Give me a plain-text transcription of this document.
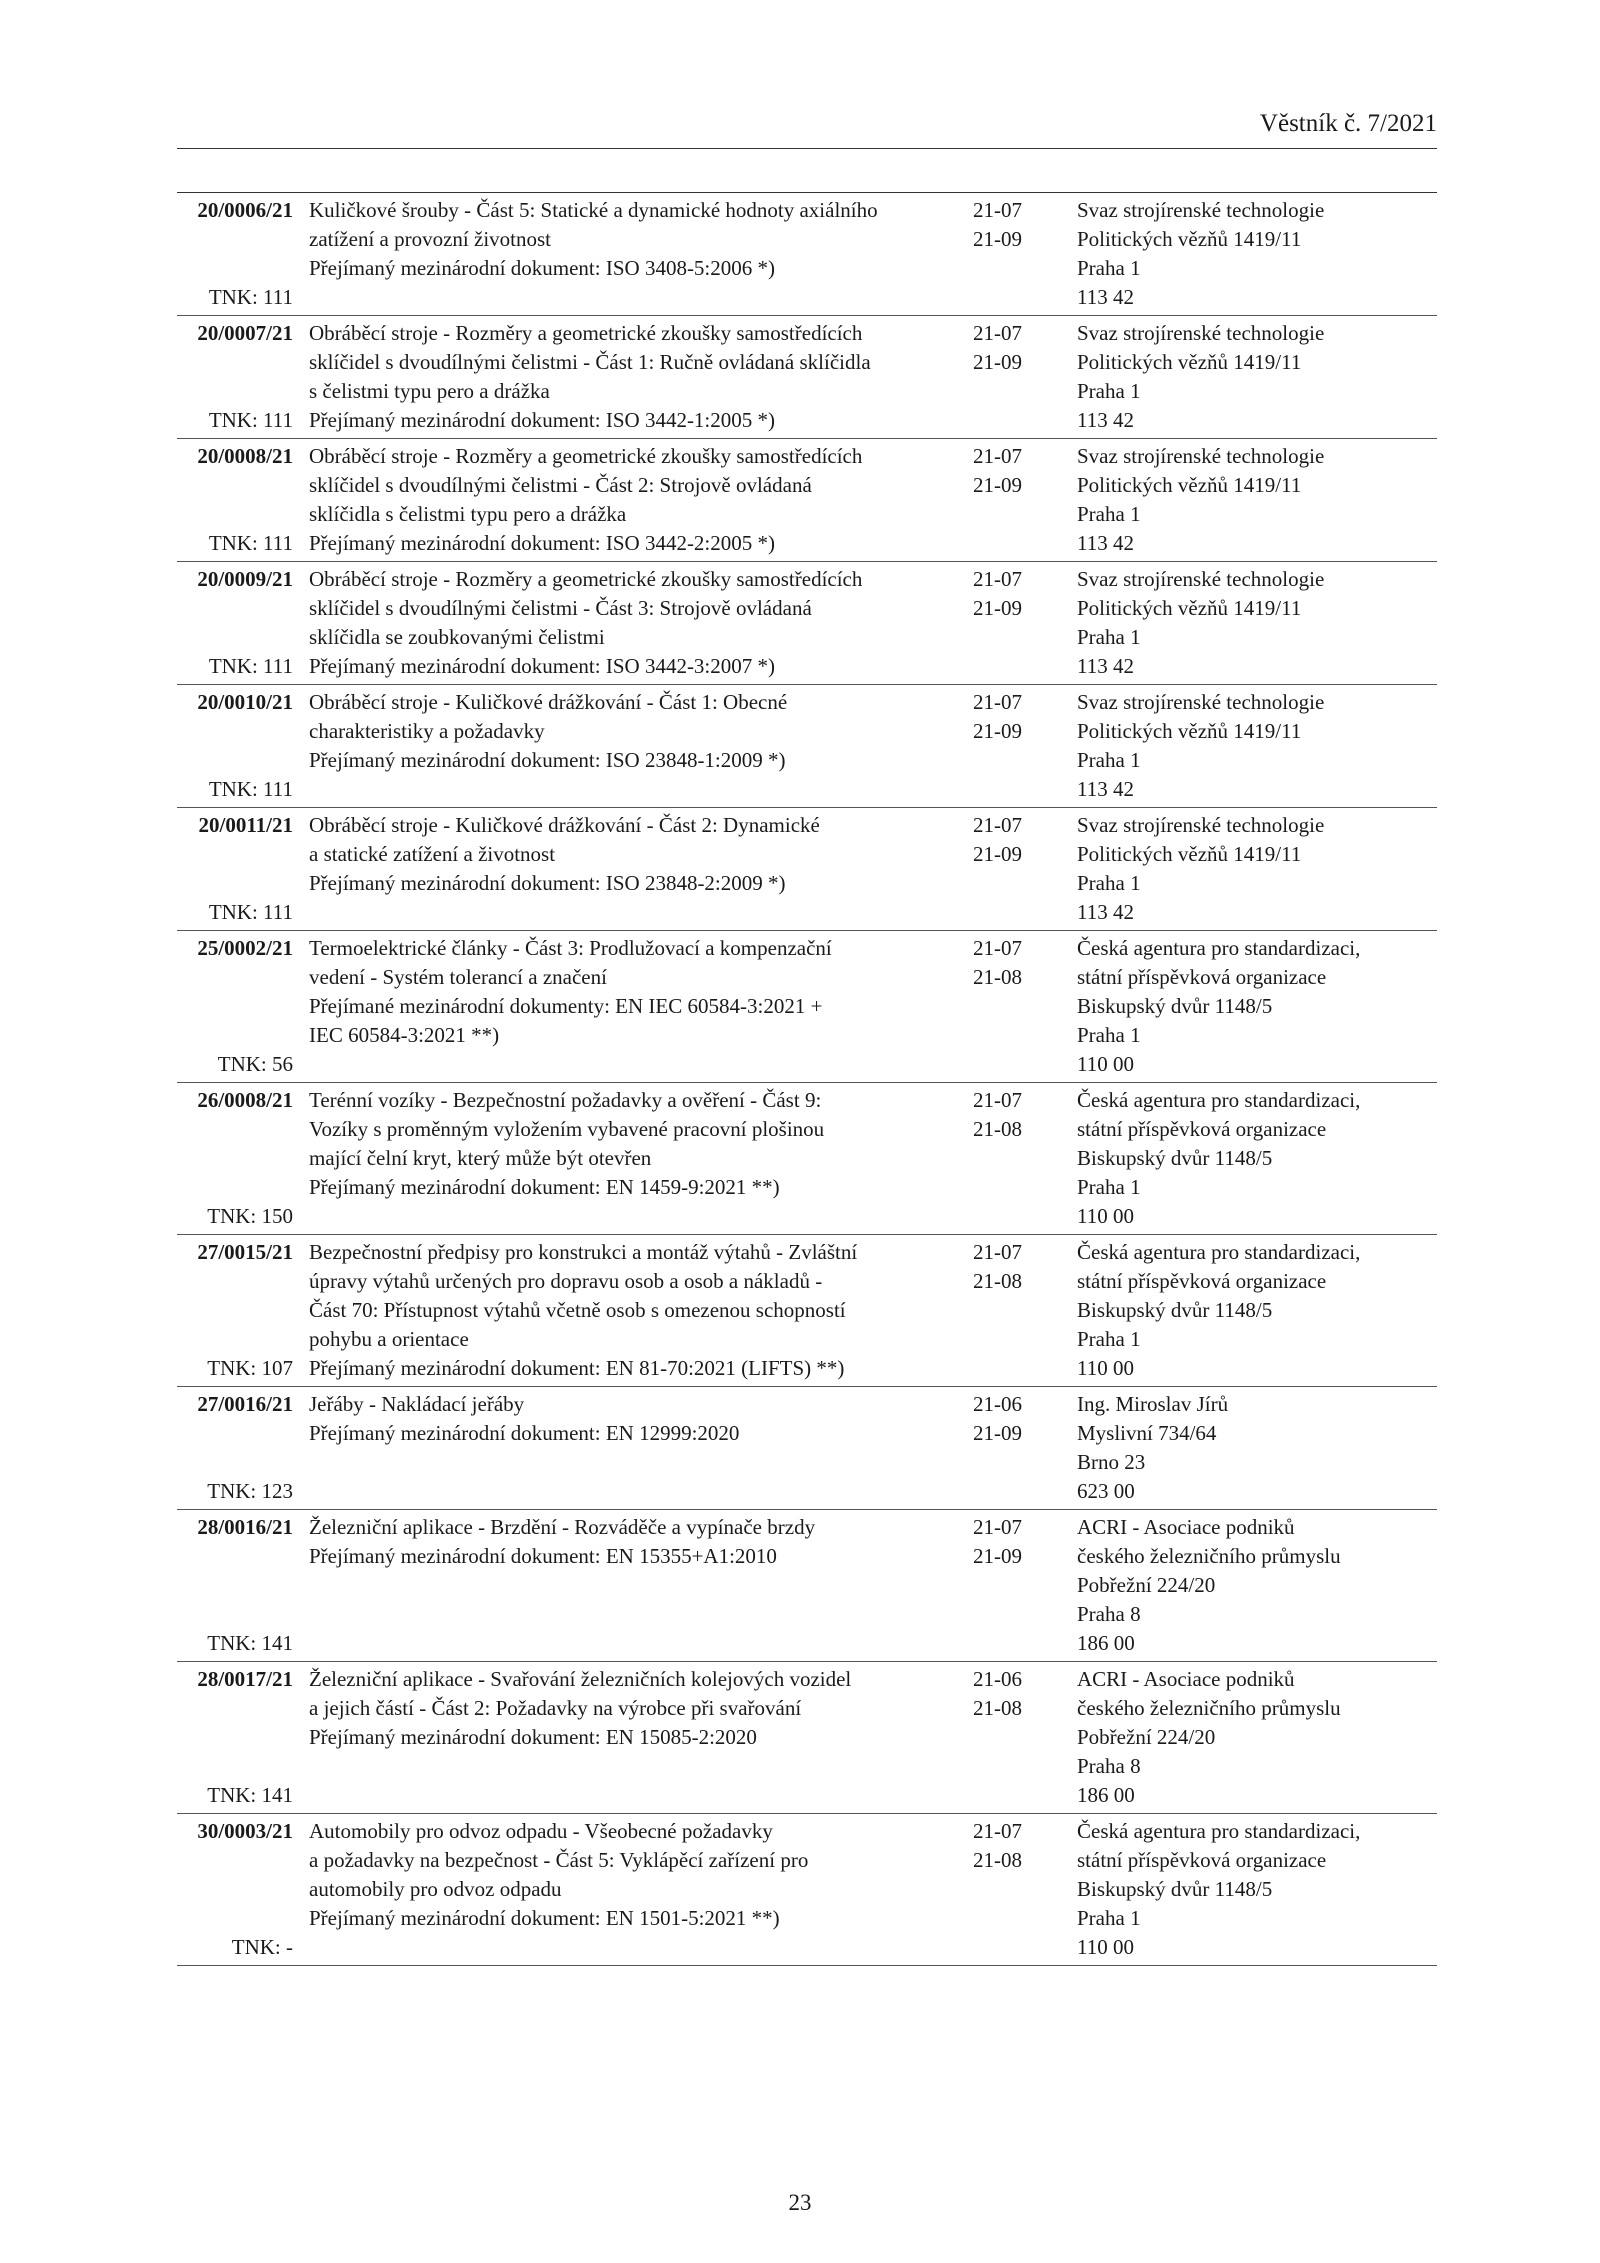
Věstník č. 7/2021
20/0006/21
TNK: 111
Kuličkové šrouby - Část 5: Statické a dynamické hodnoty axiálního
zatížení a provozní životnost
Přejímaný mezinárodní dokument: ISO 3408-5:2006 *)
21-07
21-09
Svaz strojírenské technologie
Politických vězňů 1419/11
Praha 1
113 42
20/0007/21
TNK: 111
Obráběcí stroje - Rozměry a geometrické zkoušky samostředících
sklíčidel s dvoudílnými čelistmi - Část 1: Ručně ovládaná sklíčidla
s čelistmi typu pero a drážka
Přejímaný mezinárodní dokument: ISO 3442-1:2005 *)
21-07
21-09
Svaz strojírenské technologie
Politických vězňů 1419/11
Praha 1
113 42
20/0008/21
TNK: 111
Obráběcí stroje - Rozměry a geometrické zkoušky samostředících
sklíčidel s dvoudílnými čelistmi - Část 2: Strojově ovládaná
sklíčidla s čelistmi typu pero a drážka
Přejímaný mezinárodní dokument: ISO 3442-2:2005 *)
21-07
21-09
Svaz strojírenské technologie
Politických vězňů 1419/11
Praha 1
113 42
20/0009/21
TNK: 111
Obráběcí stroje - Rozměry a geometrické zkoušky samostředících
sklíčidel s dvoudílnými čelistmi - Část 3: Strojově ovládaná
sklíčidla se zoubkovanými čelistmi
Přejímaný mezinárodní dokument: ISO 3442-3:2007 *)
21-07
21-09
Svaz strojírenské technologie
Politických vězňů 1419/11
Praha 1
113 42
20/0010/21
TNK: 111
Obráběcí stroje - Kuličkové drážkování - Část 1: Obecné
charakteristiky a požadavky
Přejímaný mezinárodní dokument: ISO 23848-1:2009 *)
21-07
21-09
Svaz strojírenské technologie
Politických vězňů 1419/11
Praha 1
113 42
20/0011/21
TNK: 111
Obráběcí stroje - Kuličkové drážkování - Část 2: Dynamické
a statické zatížení a životnost
Přejímaný mezinárodní dokument: ISO 23848-2:2009 *)
21-07
21-09
Svaz strojírenské technologie
Politických vězňů 1419/11
Praha 1
113 42
25/0002/21
TNK: 56
Termoelektrické články - Část 3: Prodlužovací a kompenzační
vedení - Systém tolerancí a značení
Přejímané mezinárodní dokumenty: EN IEC 60584-3:2021 +
IEC 60584-3:2021 **)
21-07
21-08
Česká agentura pro standardizaci,
státní příspěvková organizace
Biskupský dvůr 1148/5
Praha 1
110 00
26/0008/21
TNK: 150
Terénní vozíky - Bezpečnostní požadavky a ověření - Část 9:
Vozíky s proměnným vyložením vybavené pracovní plošinou
mající čelní kryt, který může být otevřen
Přejímaný mezinárodní dokument: EN 1459-9:2021 **)
21-07
21-08
Česká agentura pro standardizaci,
státní příspěvková organizace
Biskupský dvůr 1148/5
Praha 1
110 00
27/0015/21
TNK: 107
Bezpečnostní předpisy pro konstrukci a montáž výtahů - Zvláštní
úpravy výtahů určených pro dopravu osob a osob a nákladů -
Část 70: Přístupnost výtahů včetně osob s omezenou schopností
pohybu a orientace
Přejímaný mezinárodní dokument: EN 81-70:2021 (LIFTS) **)
21-07
21-08
Česká agentura pro standardizaci,
státní příspěvková organizace
Biskupský dvůr 1148/5
Praha 1
110 00
27/0016/21
TNK: 123
Jeřáby - Nakládací jeřáby
Přejímaný mezinárodní dokument: EN 12999:2020
21-06
21-09
Ing. Miroslav Jírů
Myslivní 734/64
Brno 23
623 00
28/0016/21
TNK: 141
Železniční aplikace - Brzdění - Rozváděče a vypínače brzdy
Přejímaný mezinárodní dokument: EN 15355+A1:2010
21-07
21-09
ACRI - Asociace podniků
českého železničního průmyslu
Pobřežní 224/20
Praha 8
186 00
28/0017/21
TNK: 141
Železniční aplikace - Svařování železničních kolejových vozidel
a jejich částí - Část 2: Požadavky na výrobce při svařování
Přejímaný mezinárodní dokument: EN 15085-2:2020
21-06
21-08
ACRI - Asociace podniků
českého železničního průmyslu
Pobřežní 224/20
Praha 8
186 00
30/0003/21
TNK: -
Automobily pro odvoz odpadu - Všeobecné požadavky
a požadavky na bezpečnost - Část 5: Vyklápěcí zařízení pro
automobily pro odvoz odpadu
Přejímaný mezinárodní dokument: EN 1501-5:2021 **)
21-07
21-08
Česká agentura pro standardizaci,
státní příspěvková organizace
Biskupský dvůr 1148/5
Praha 1
110 00
23
